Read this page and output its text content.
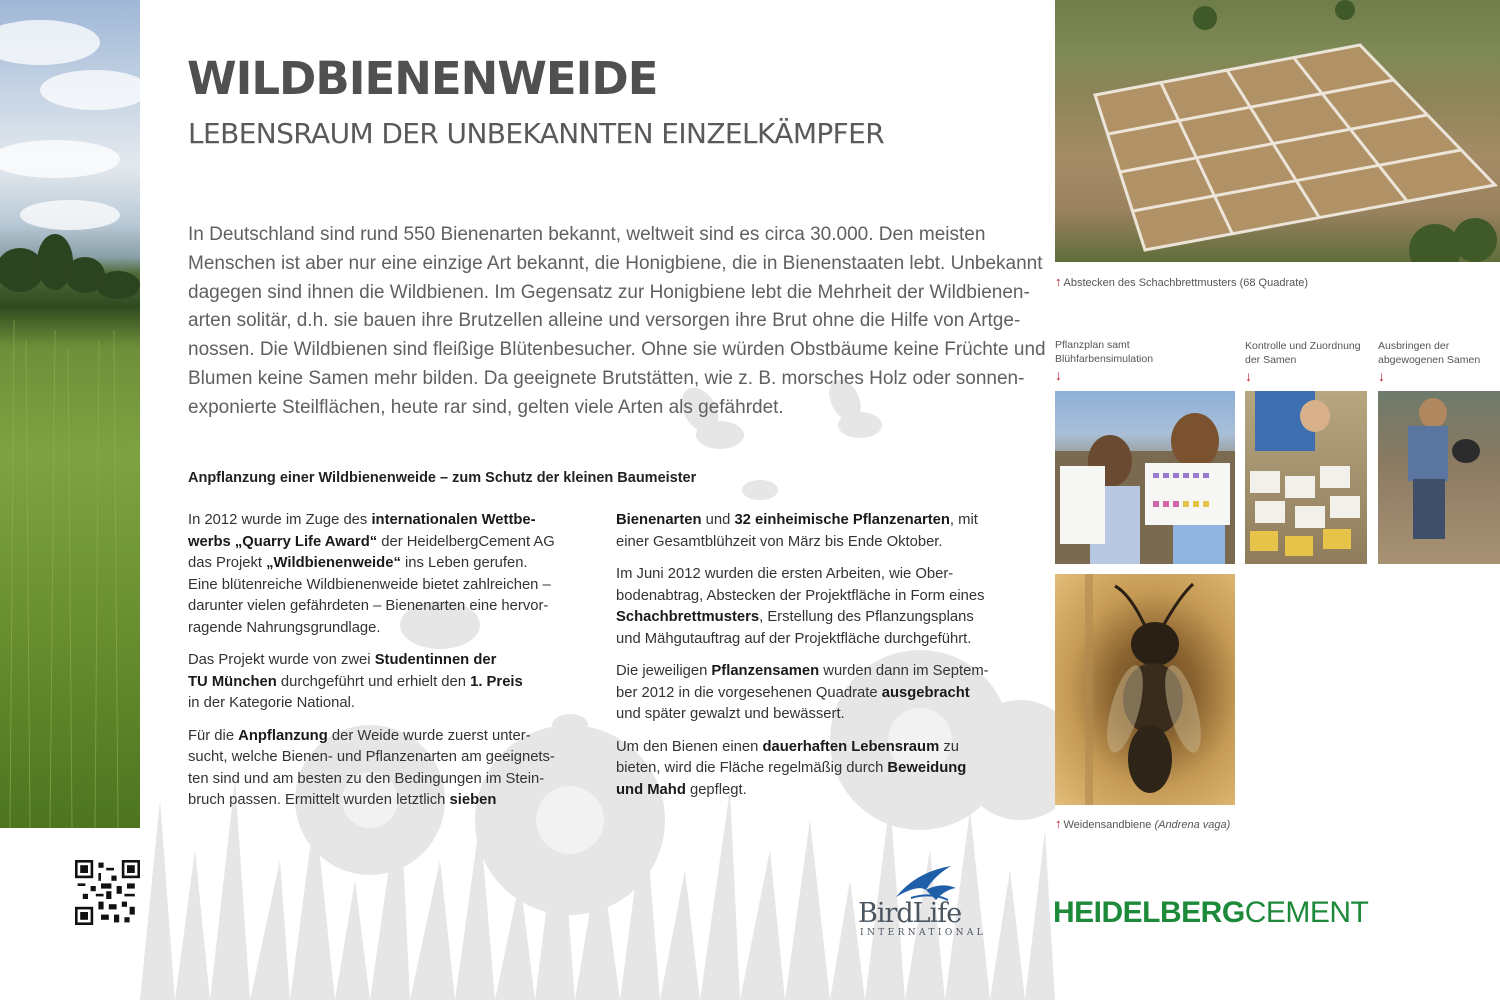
WILDBIENENWEIDE
LEBENSRAUM DER UNBEKANNTEN EINZELKÄMPFER

In Deutschland sind rund 550 Bienenarten bekannt, weltweit sind es circa 30.000. Den meisten
Menschen ist aber nur eine einzige Art bekannt, die Honigbiene, die in Bienenstaaten lebt. Unbekannt
dagegen sind ihnen die Wildbienen. Im Gegensatz zur Honigbiene lebt die Mehrheit der Wildbienen-
arten solitär, d.h. sie bauen ihre Brutzellen alleine und versorgen ihre Brut ohne die Hilfe von Artge-
nossen. Die Wildbienen sind fleißige Blütenbesucher. Ohne sie würden Obstbäume keine Früchte und
Blumen keine Samen mehr bilden. Da geeignete Brutstätten, wie z. B. morsches Holz oder sonnen-
exponierte Steilflächen, heute rar sind, gelten viele Arten als gefährdet.

Anpflanzung einer Wildbienenweide – zum Schutz der kleinen Baumeister

In 2012 wurde im Zuge des internationalen Wettbe-
werbs „Quarry Life Award“ der HeidelbergCement AG
das Projekt „Wildbienenweide“ ins Leben gerufen.
Eine blütenreiche Wildbienenweide bietet zahlreichen –
darunter vielen gefährdeten – Bienenarten eine hervor-
ragende Nahrungsgrundlage.

Das Projekt wurde von zwei Studentinnen der
TU München durchgeführt und erhielt den 1. Preis
in der Kategorie National.

Für die Anpflanzung der Weide wurde zuerst unter-
sucht, welche Bienen- und Pflanzenarten am geeignets-
ten sind und am besten zu den Bedingungen im Stein-
bruch passen. Ermittelt wurden letztlich sieben

Bienenarten und 32 einheimische Pflanzenarten, mit
einer Gesamtblühzeit von März bis Ende Oktober.

Im Juni 2012 wurden die ersten Arbeiten, wie Ober-
bodenabtrag, Abstecken der Projektfläche in Form eines
Schachbrettmusters, Erstellung des Pflanzungsplans
und Mähgutauftrag auf der Projektfläche durchgeführt.

Die jeweiligen Pflanzensamen wurden dann im Septem-
ber 2012 in die vorgesehenen Quadrate ausgebracht
und später gewalzt und bewässert.

Um den Bienen einen dauerhaften Lebensraum zu
bieten, wird die Fläche regelmäßig durch Beweidung
und Mahd gepflegt.

↑ Abstecken des Schachbrettmusters (68 Quadrate)
Pflanzplan samt
Blühfarbensimulation
↓
Kontrolle und Zuordnung
der Samen
↓
Ausbringen der
abgewogenen Samen
↓
↑ Weidensandbiene (Andrena vaga)
BirdLife
INTERNATIONAL
HEIDELBERGCEMENT
